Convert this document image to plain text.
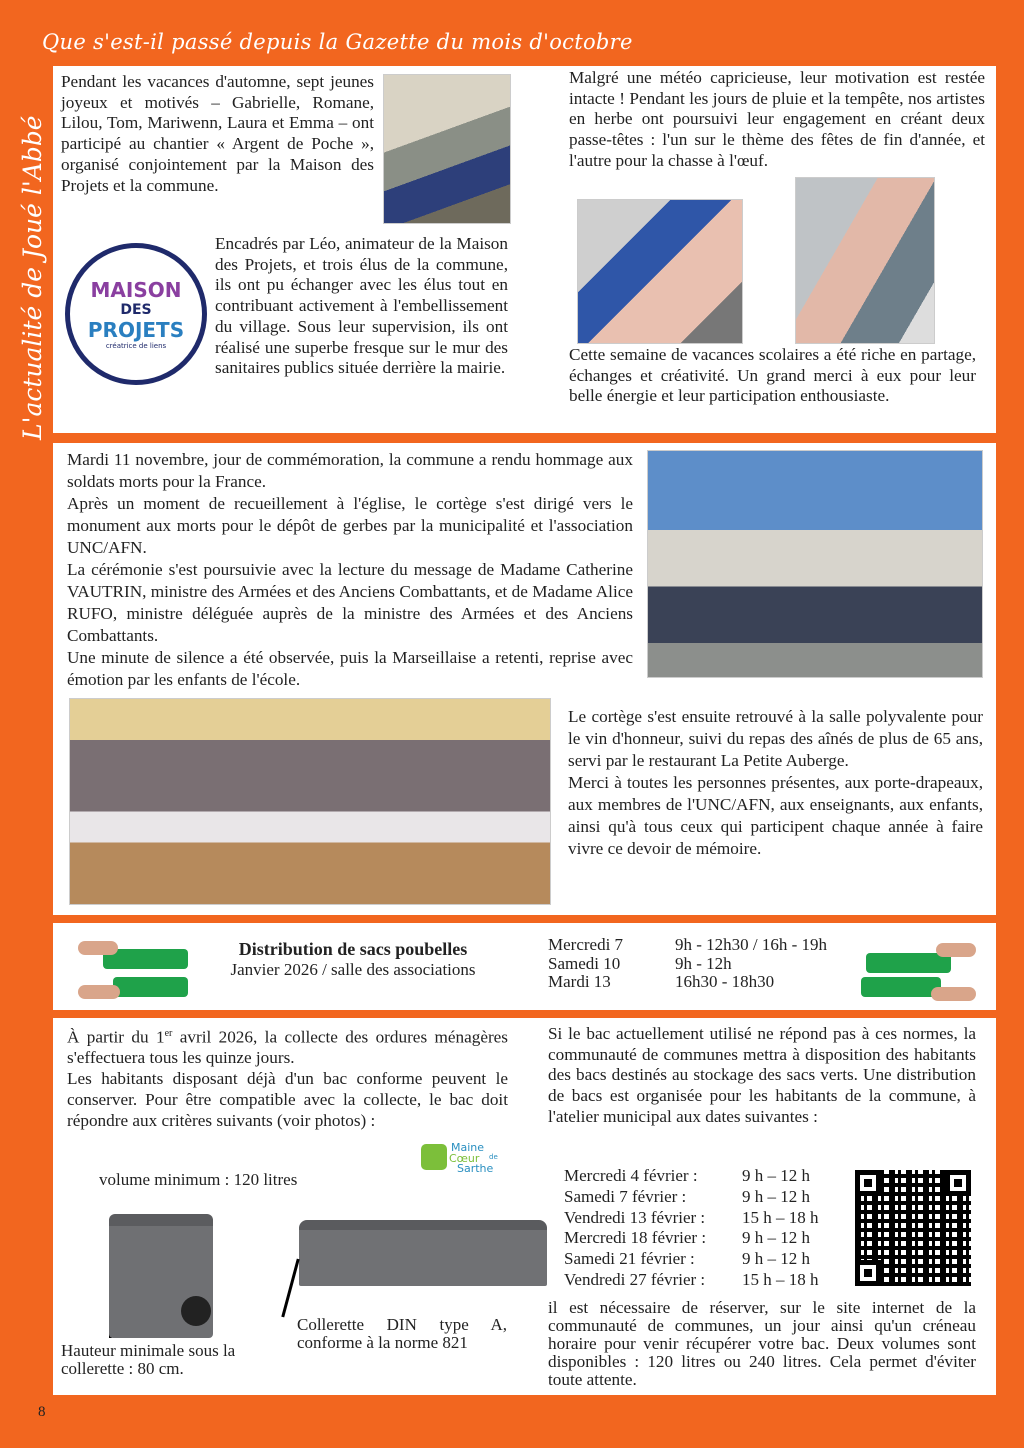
Que s'est-il passé depuis la Gazette du mois d'octobre
L'actualité de Joué l'Abbé
Pendant les vacances d'automne, sept jeunes joyeux et motivés – Gabrielle, Romane, Lilou, Tom, Mariwenn, Laura et Emma – ont participé au chantier « Argent de Poche », organisé conjointement par la Maison des Projets et la commune.
MAISON
DES
PROJETS
créatrice de liens
Encadrés par Léo, animateur de la Maison des Projets, et trois élus de la commune, ils ont pu échanger avec les élus tout en contribuant activement à l'embellissement du village. Sous leur supervision, ils ont réalisé une superbe fresque sur le mur des sanitaires publics située derrière la mairie.
Malgré une météo capricieuse, leur motivation est restée intacte ! Pendant les jours de pluie et la tempête, nos artistes en herbe ont poursuivi leur engagement en créant deux passe-têtes : l'un sur le thème des fêtes de fin d'année, et l'autre pour la chasse à l'œuf.
Cette semaine de vacances scolaires a été riche en partage, échanges et créativité. Un grand merci à eux pour leur belle énergie et leur participation enthousiaste.
Mardi 11 novembre, jour de commémoration, la commune a rendu hommage aux soldats morts pour la France.
Après un moment de recueillement à l'église, le cortège s'est dirigé vers le monument aux morts pour le dépôt de gerbes par la municipalité et l'association UNC/AFN.
La cérémonie s'est poursuivie avec la lecture du message de Madame Catherine VAUTRIN, ministre des Armées et des Anciens Combattants, et de Madame Alice RUFO, ministre déléguée auprès de la ministre des Armées et des Anciens Combattants.
Une minute de silence a été observée, puis la Marseillaise a retenti, reprise avec émotion par les enfants de l'école.
Le cortège s'est ensuite retrouvé à la salle polyvalente pour le vin d'honneur, suivi du repas des aînés de plus de 65 ans, servi par le restaurant La Petite Auberge.
Merci à toutes les personnes présentes, aux porte-drapeaux, aux membres de l'UNC/AFN, aux enseignants, aux enfants, ainsi qu'à tous ceux qui participent chaque année à faire vivre ce devoir de mémoire.
Distribution de sacs poubelles
Janvier 2026 / salle des associations
Mercredi 7	9h - 12h30 / 16h - 19h
Samedi 10	9h - 12h
Mardi 13	16h30 - 18h30
À partir du 1er avril 2026, la collecte des ordures ménagères s'effectuera tous les quinze jours.
Les habitants disposant déjà d'un bac conforme peuvent le conserver. Pour être compatible avec la collecte, le bac doit répondre aux critères suivants (voir photos) :
Maine
Cœur de
Sarthe
volume minimum : 120 litres
Hauteur minimale sous la collerette : 80 cm.
Collerette DIN type A, conforme à la norme 821
Si le bac actuellement utilisé ne répond pas à ces normes, la communauté de communes mettra à disposition des habitants des bacs destinés au stockage des sacs verts. Une distribution de bacs est organisée pour les habitants de la commune, à l'atelier municipal aux dates suivantes :
Mercredi 4 février :	9 h – 12 h
Samedi 7 février :	9 h – 12 h
Vendredi 13 février :	15 h – 18 h
Mercredi 18 février :	9 h – 12 h
Samedi 21 février :	9 h – 12 h
Vendredi 27 février :	15 h – 18 h
il est nécessaire de réserver, sur le site internet de la communauté de communes, un jour ainsi qu'un créneau horaire pour venir récupérer votre bac. Deux volumes sont disponibles : 120 litres ou 240 litres. Cela permet d'éviter toute attente.
8
